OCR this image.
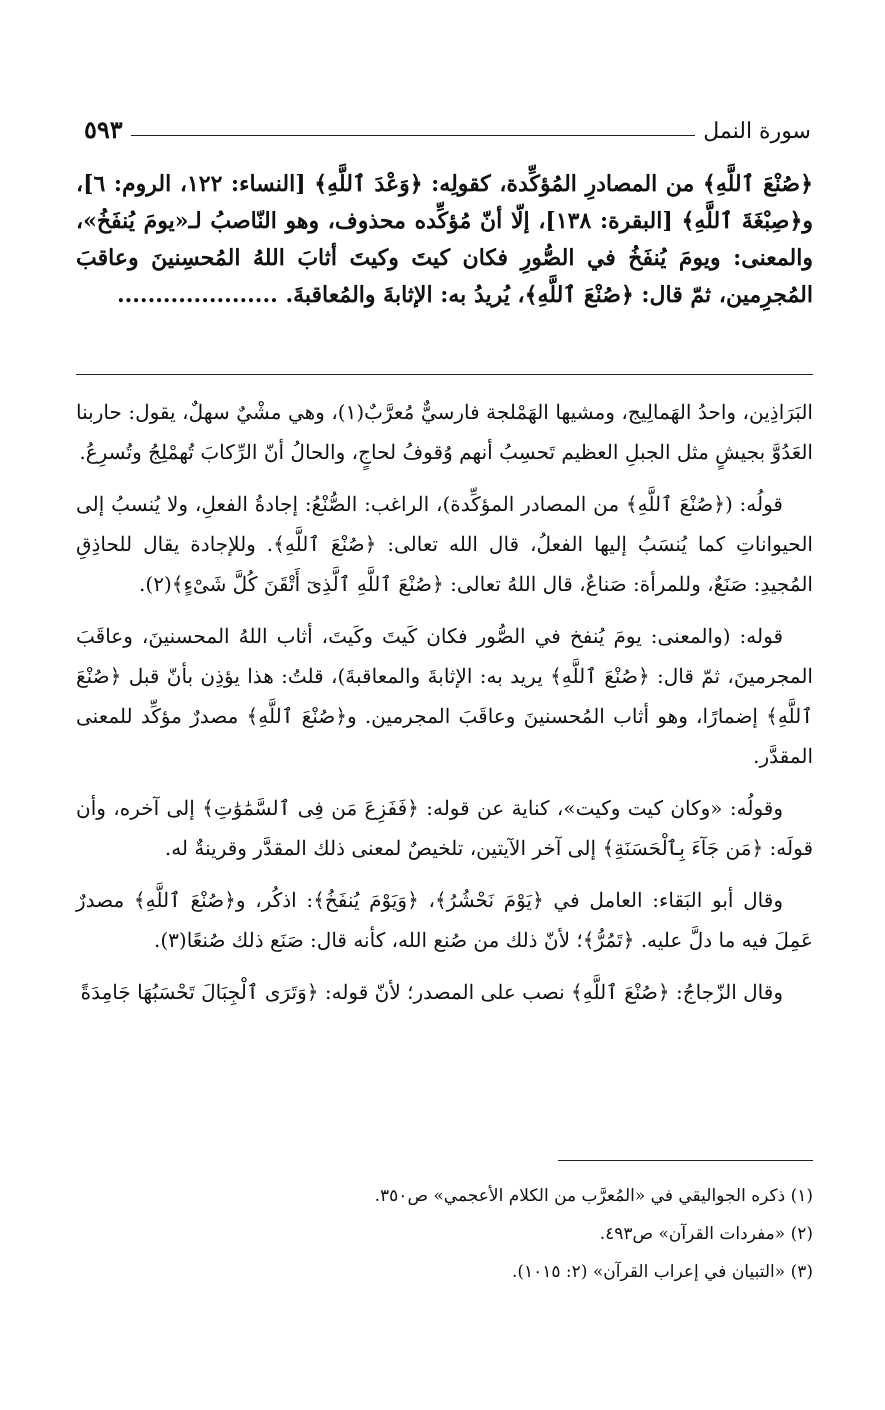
سورة النمل
٥٩٣

﴿صُنْعَ ٱللَّهِ﴾ من المصادرِ المُؤكِّدة، كقولِه: ﴿وَعْدَ ٱللَّهِ﴾ [النساء: ١٢٢، الروم: ٦]، و﴿صِبْغَةَ ٱللَّهِ﴾ [البقرة: ١٣٨]، إلّا أنّ مُؤكِّده محذوف، وهو النّاصبُ لـ«يومَ يُنفَخُ»، والمعنى: ويومَ يُنفَخُ في الصُّورِ فكان كيتَ وكيتَ أثابَ اللهُ المُحسِنينَ وعاقبَ المُجرِمين، ثمّ قال: ﴿صُنْعَ ٱللَّهِ﴾، يُريدُ به: الإثابةَ والمُعاقبةَ. .....................

البَرَاذِين، واحدُ الهَمالِيج، ومشيها الهَمْلجة فارسيٌّ مُعرَّبٌ(١)، وهي مشْيٌ سهلٌ، يقول: حاربنا العَدُوَّ بجيشٍ مثل الجبلِ العظيم تَحسِبُ أنهم وُقوفُ لحاجٍ، والحالُ أنّ الرِّكابَ تُهمْلِجُ وتُسرِعُ.

قولُه: (﴿صُنْعَ ٱللَّهِ﴾ من المصادر المؤكِّدة)، الراغب: الصُّنْعُ: إجادةُ الفعلِ، ولا يُنسبُ إلى الحيواناتِ كما يُنسَبُ إليها الفعلُ، قال الله تعالى: ﴿صُنْعَ ٱللَّهِ﴾. وللإجادة يقال للحاذِقِ المُجيدِ: صَنَعٌ، وللمرأة: صَناعٌ، قال اللهُ تعالى: ﴿صُنْعَ ٱللَّهِ ٱلَّذِىٓ أَتْقَنَ كُلَّ شَىْءٍ﴾(٢).

قوله: (والمعنى: يومَ يُنفخ في الصُّور فكان كَيتَ وكَيتَ، أثاب اللهُ المحسنينَ، وعاقَبَ المجرمينَ، ثمّ قال: ﴿صُنْعَ ٱللَّهِ﴾ يريد به: الإثابةَ والمعاقبةَ)، قلتُ: هذا يؤذِن بأنّ قبل ﴿صُنْعَ ٱللَّهِ﴾ إضمارًا، وهو أثاب المُحسنينَ وعاقَبَ المجرمين. و﴿صُنْعَ ٱللَّهِ﴾ مصدرٌ مؤكِّد للمعنى المقدَّر.

وقولُه: «وكان كيت وكيت»، كناية عن قوله: ﴿فَفَزِعَ مَن فِى ٱلسَّمَٰوَٰتِ﴾ إلى آخره، وأن قولَه: ﴿مَن جَآءَ بِٱلْحَسَنَةِ﴾ إلى آخر الآيتين، تلخيصٌ لمعنى ذلك المقدَّر وقرينةٌ له.

وقال أبو البَقاء: العامل في ﴿يَوْمَ نَحْشُرُ﴾، ﴿وَيَوْمَ يُنفَخُ﴾: اذكُر، و﴿صُنْعَ ٱللَّهِ﴾ مصدرٌ عَمِلَ فيه ما دلَّ عليه. ﴿تَمُرُّ﴾؛ لأنّ ذلك من صُنع الله، كأنه قال: صَنَع ذلك صُنعًا(٣).

وقال الزّجاجُ: ﴿صُنْعَ ٱللَّهِ﴾ نصب على المصدر؛ لأنّ قوله: ﴿وَتَرَى ٱلْجِبَالَ تَحْسَبُهَا جَامِدَةً

(١) ذكره الجواليقي في «المُعرَّب من الكلام الأعجمي» ص٣٥٠.

(٢) «مفردات القرآن» ص٤٩٣.

(٣) «التبيان في إعراب القرآن» (٢: ١٠١٥).
